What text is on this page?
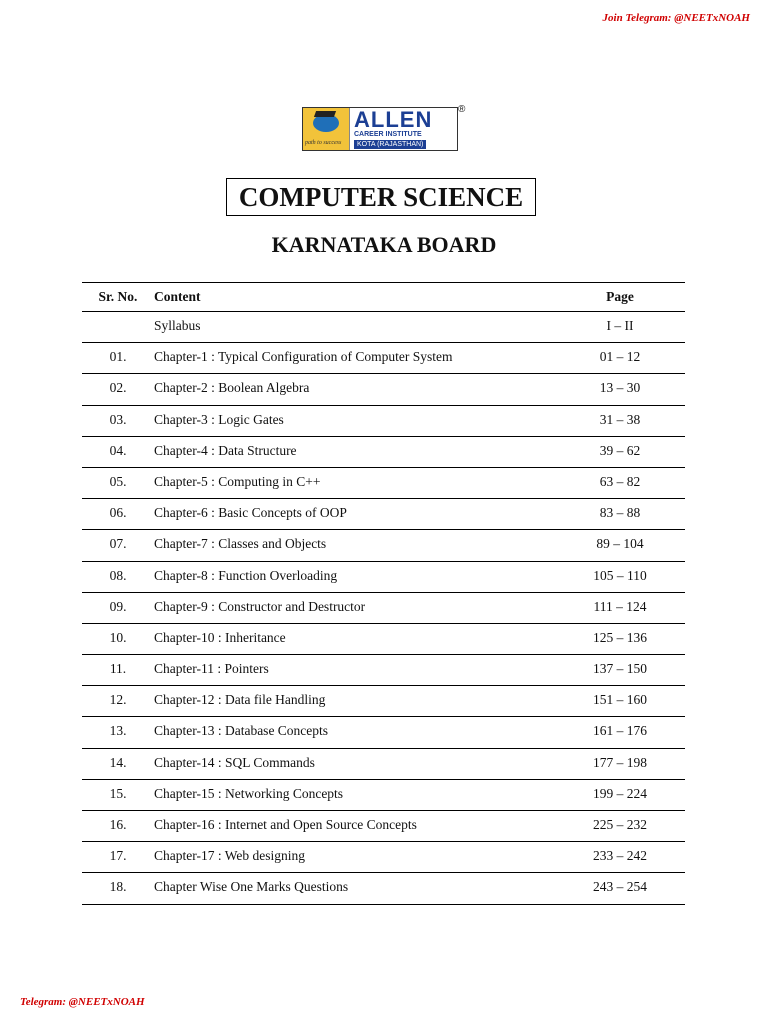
Join Telegram: @NEETxNOAH
path to success
ALLEN
CAREER INSTITUTE
KOTA (RAJASTHAN)
®
COMPUTER SCIENCE
KARNATAKA BOARD
Sr. No.	Content	Page
	Syllabus	I – II
01.	Chapter-1 : Typical Configuration of Computer System	01 – 12
02.	Chapter-2 : Boolean Algebra	13 – 30
03.	Chapter-3 : Logic Gates	31 – 38
04.	Chapter-4 : Data Structure	39 – 62
05.	Chapter-5 : Computing in C++	63 – 82
06.	Chapter-6 : Basic Concepts of OOP	83 – 88
07.	Chapter-7 : Classes and Objects	89 – 104
08.	Chapter-8 : Function Overloading	105 – 110
09.	Chapter-9 : Constructor and Destructor	111 – 124
10.	Chapter-10 : Inheritance	125 – 136
11.	Chapter-11 : Pointers	137 – 150
12.	Chapter-12 : Data file Handling	151 – 160
13.	Chapter-13 : Database Concepts	161 – 176
14.	Chapter-14 : SQL Commands	177 – 198
15.	Chapter-15 : Networking Concepts	199 – 224
16.	Chapter-16 : Internet and Open Source Concepts	225 – 232
17.	Chapter-17 : Web designing	233 – 242
18.	Chapter Wise One Marks Questions	243 – 254
Telegram: @NEETxNOAH
